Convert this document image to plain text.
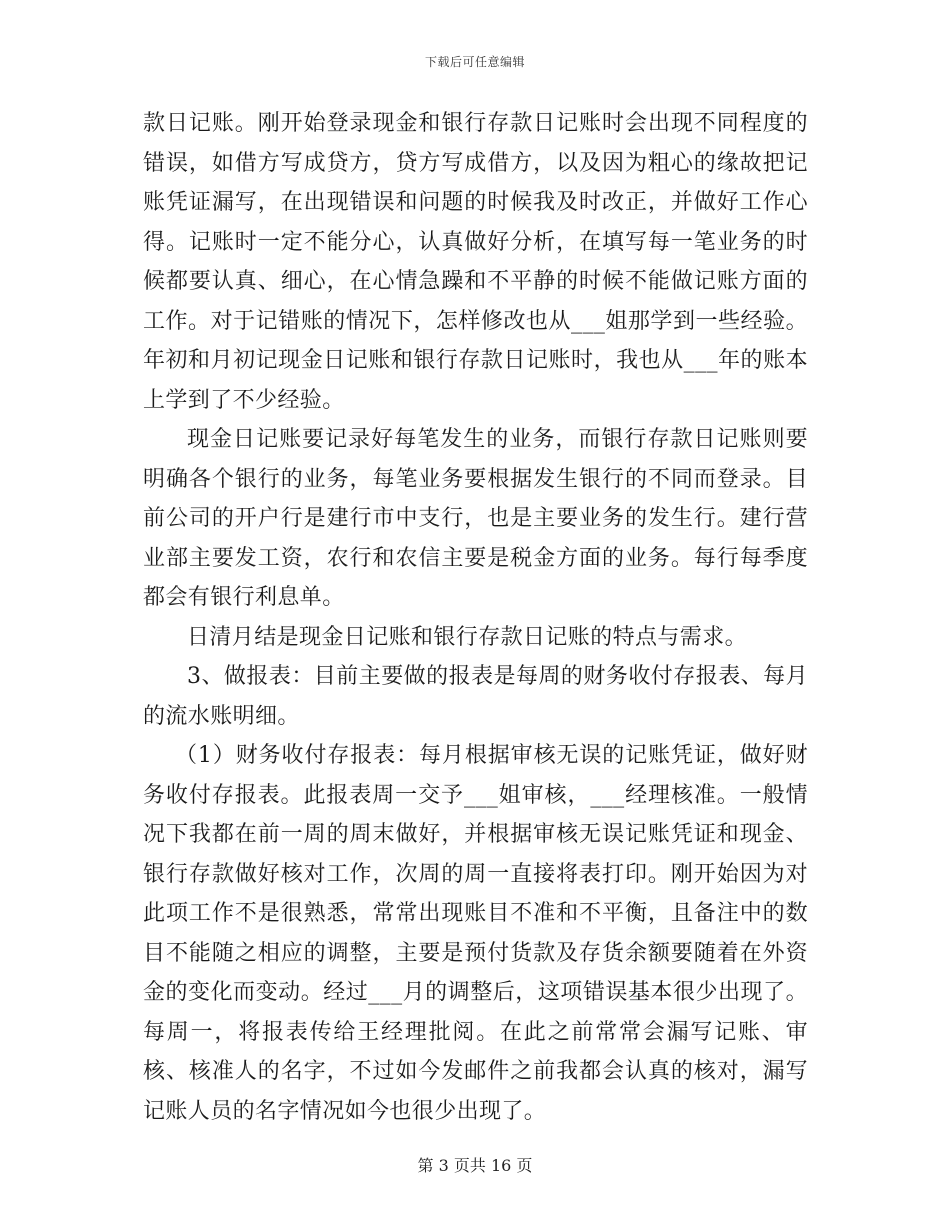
下载后可任意编辑

款日记账。刚开始登录现金和银行存款日记账时会出现不同程度的错误，如借方写成贷方，贷方写成借方，以及因为粗心的缘故把记账凭证漏写，在出现错误和问题的时候我及时改正，并做好工作心得。记账时一定不能分心，认真做好分析，在填写每一笔业务的时候都要认真、细心，在心情急躁和不平静的时候不能做记账方面的工作。对于记错账的情况下，怎样修改也从___姐那学到一些经验。年初和月初记现金日记账和银行存款日记账时，我也从___年的账本上学到了不少经验。

现金日记账要记录好每笔发生的业务，而银行存款日记账则要明确各个银行的业务，每笔业务要根据发生银行的不同而登录。目前公司的开户行是建行市中支行，也是主要业务的发生行。建行营业部主要发工资，农行和农信主要是税金方面的业务。每行每季度都会有银行利息单。

日清月结是现金日记账和银行存款日记账的特点与需求。

3、做报表：目前主要做的报表是每周的财务收付存报表、每月的流水账明细。

（1）财务收付存报表：每月根据审核无误的记账凭证，做好财务收付存报表。此报表周一交予___姐审核，___经理核准。一般情况下我都在前一周的周末做好，并根据审核无误记账凭证和现金、银行存款做好核对工作，次周的周一直接将表打印。刚开始因为对此项工作不是很熟悉，常常出现账目不准和不平衡，且备注中的数目不能随之相应的调整，主要是预付货款及存货余额要随着在外资金的变化而变动。经过___月的调整后，这项错误基本很少出现了。每周一，将报表传给王经理批阅。在此之前常常会漏写记账、审核、核准人的名字，不过如今发邮件之前我都会认真的核对，漏写记账人员的名字情况如今也很少出现了。

第 3 页共 16 页
